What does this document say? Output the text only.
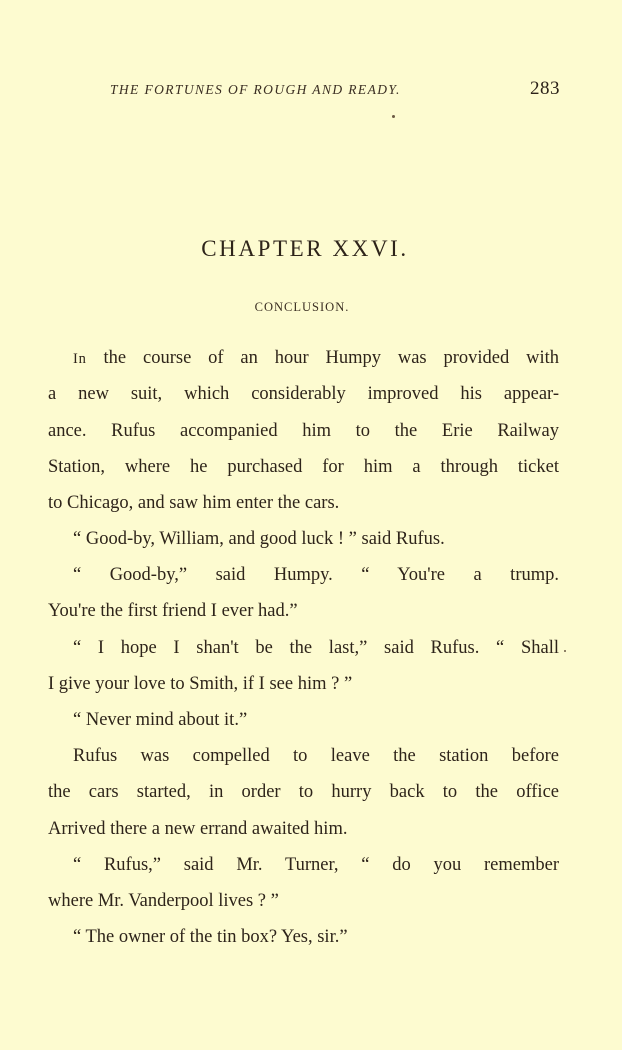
THE FORTUNES OF ROUGH AND READY.	283
CHAPTER XXVI.
CONCLUSION.
In the course of an hour Humpy was provided with
a new suit, which considerably improved his appear-
ance. Rufus accompanied him to the Erie Railway
Station, where he purchased for him a through ticket
to Chicago, and saw him enter the cars.
“ Good-by, William, and good luck ! ” said Rufus.
“ Good-by,” said Humpy. “ You're a trump.
You're the first friend I ever had.”
“ I hope I shan't be the last,” said Rufus. “ Shall
I give your love to Smith, if I see him ? ”
“ Never mind about it.”
Rufus was compelled to leave the station before
the cars started, in order to hurry back to the office
Arrived there a new errand awaited him.
“ Rufus,” said Mr. Turner, “ do you remember
where Mr. Vanderpool lives ? ”
“ The owner of the tin box? Yes, sir.”
